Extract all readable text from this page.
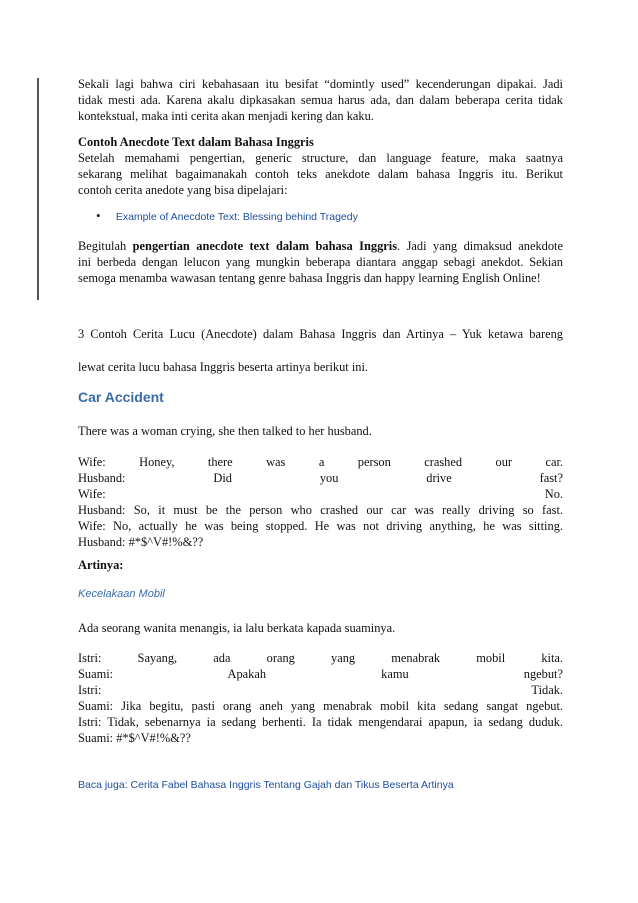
Sekali lagi bahwa ciri kebahasaan itu besifat “domintly used” kecenderungan dipakai. Jadi

tidak mesti ada. Karena akalu dipkasakan semua harus ada, dan dalam beberapa cerita tidak

kontekstual, maka inti cerita akan menjadi kering dan kaku.

Contoh Anecdote Text dalam Bahasa Inggris

Setelah memahami pengertian, generic structure, dan language feature, maka saatnya

sekarang melihat bagaimanakah contoh teks anekdote dalam bahasa Inggris itu. Berikut

contoh cerita anedote yang bisa dipelajari:

• Example of Anecdote Text: Blessing behind Tragedy

Begitulah pengertian anecdote text dalam bahasa Inggris. Jadi yang dimaksud anekdote

ini berbeda dengan lelucon yang mungkin beberapa diantara anggap sebagi anekdot. Sekian

semoga menamba wawasan tentang genre bahasa Inggris dan happy learning English Online!

3 Contoh Cerita Lucu (Anecdote) dalam Bahasa Inggris dan Artinya – Yuk ketawa bareng

lewat cerita lucu bahasa Inggris beserta artinya berikut ini.

Car Accident

There was a woman crying, she then talked to her husband.

Wife: Honey, there was a person crashed our car.

Husband: Did you drive fast?

Wife: No.

Husband: So, it must be the person who crashed our car was really driving so fast.

Wife: No, actually he was being stopped. He was not driving anything, he was sitting.

Husband: #*$^V#!%&??

Artinya:
Kecelakaan Mobil

Ada seorang wanita menangis, ia lalu berkata kapada suaminya.

Istri: Sayang, ada orang yang menabrak mobil kita.

Suami: Apakah kamu ngebut?

Istri: Tidak.

Suami: Jika begitu, pasti orang aneh yang menabrak mobil kita sedang sangat ngebut.

Istri: Tidak, sebenarnya ia sedang berhenti. Ia tidak mengendarai apapun, ia sedang duduk.

Suami: #*$^V#!%&??

Baca juga: Cerita Fabel Bahasa Inggris Tentang Gajah dan Tikus Beserta Artinya
